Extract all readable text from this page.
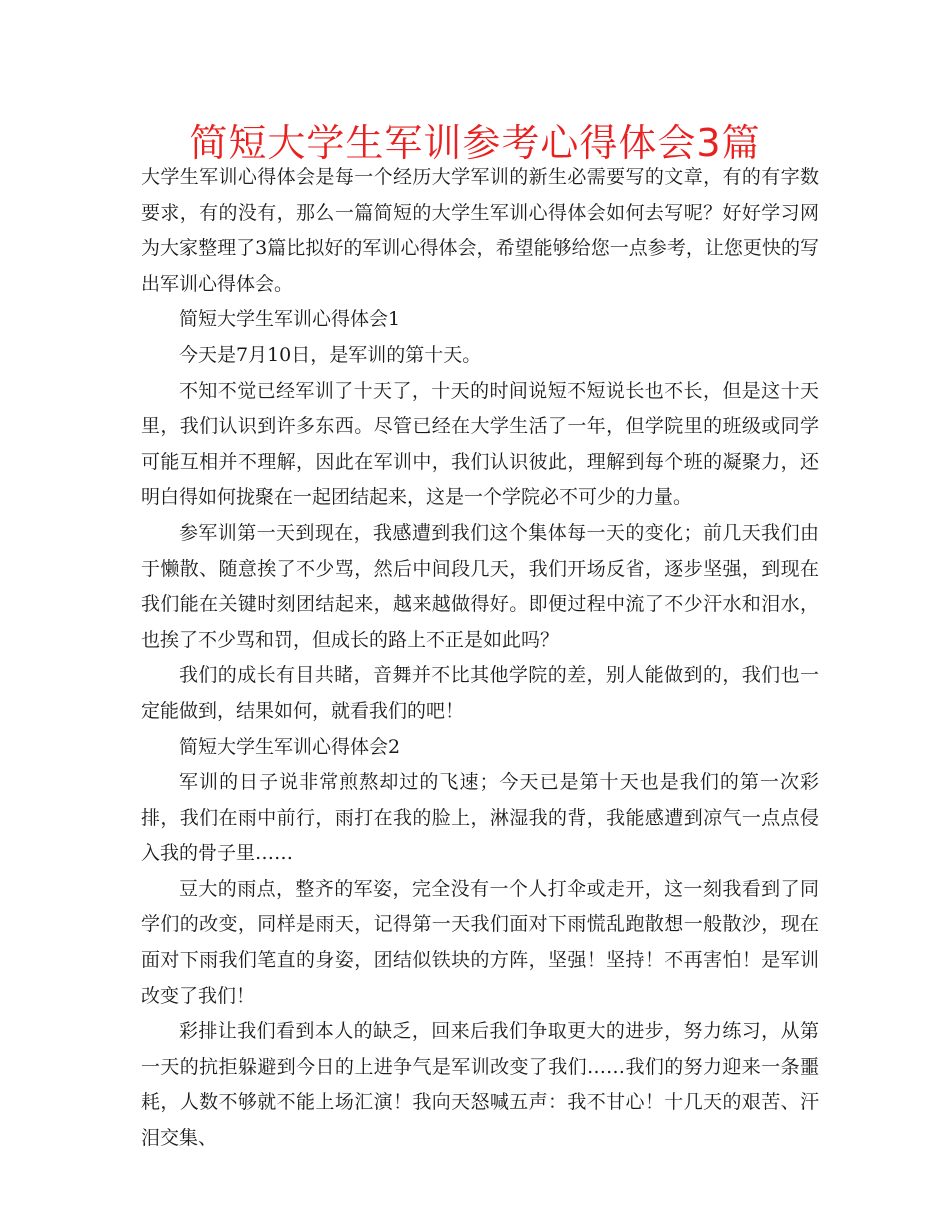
简短大学生军训参考心得体会3篇

大学生军训心得体会是每一个经历大学军训的新生必需要写的文章，有的有字数要求，有的没有，那么一篇简短的大学生军训心得体会如何去写呢？好好学习网为大家整理了3篇比拟好的军训心得体会，希望能够给您一点参考，让您更快的写出军训心得体会。

简短大学生军训心得体会1

今天是7月10日，是军训的第十天。

不知不觉已经军训了十天了，十天的时间说短不短说长也不长，但是这十天里，我们认识到许多东西。尽管已经在大学生活了一年，但学院里的班级或同学可能互相并不理解，因此在军训中，我们认识彼此，理解到每个班的凝聚力，还明白得如何拢聚在一起团结起来，这是一个学院必不可少的力量。

参军训第一天到现在，我感遭到我们这个集体每一天的变化；前几天我们由于懒散、随意挨了不少骂，然后中间段几天，我们开场反省，逐步坚强，到现在我们能在关键时刻团结起来，越来越做得好。即便过程中流了不少汗水和泪水，也挨了不少骂和罚，但成长的路上不正是如此吗？

我们的成长有目共睹，音舞并不比其他学院的差，别人能做到的，我们也一定能做到，结果如何，就看我们的吧！

简短大学生军训心得体会2

军训的日子说非常煎熬却过的飞速；今天已是第十天也是我们的第一次彩排，我们在雨中前行，雨打在我的脸上，淋湿我的背，我能感遭到凉气一点点侵入我的骨子里……

豆大的雨点，整齐的军姿，完全没有一个人打伞或走开，这一刻我看到了同学们的改变，同样是雨天，记得第一天我们面对下雨慌乱跑散想一般散沙，现在面对下雨我们笔直的身姿，团结似铁块的方阵，坚强！坚持！不再害怕！是军训改变了我们！

彩排让我们看到本人的缺乏，回来后我们争取更大的进步，努力练习，从第一天的抗拒躲避到今日的上进争气是军训改变了我们……我们的努力迎来一条噩耗，人数不够就不能上场汇演！我向天怒喊五声：我不甘心！十几天的艰苦、汗泪交集、
